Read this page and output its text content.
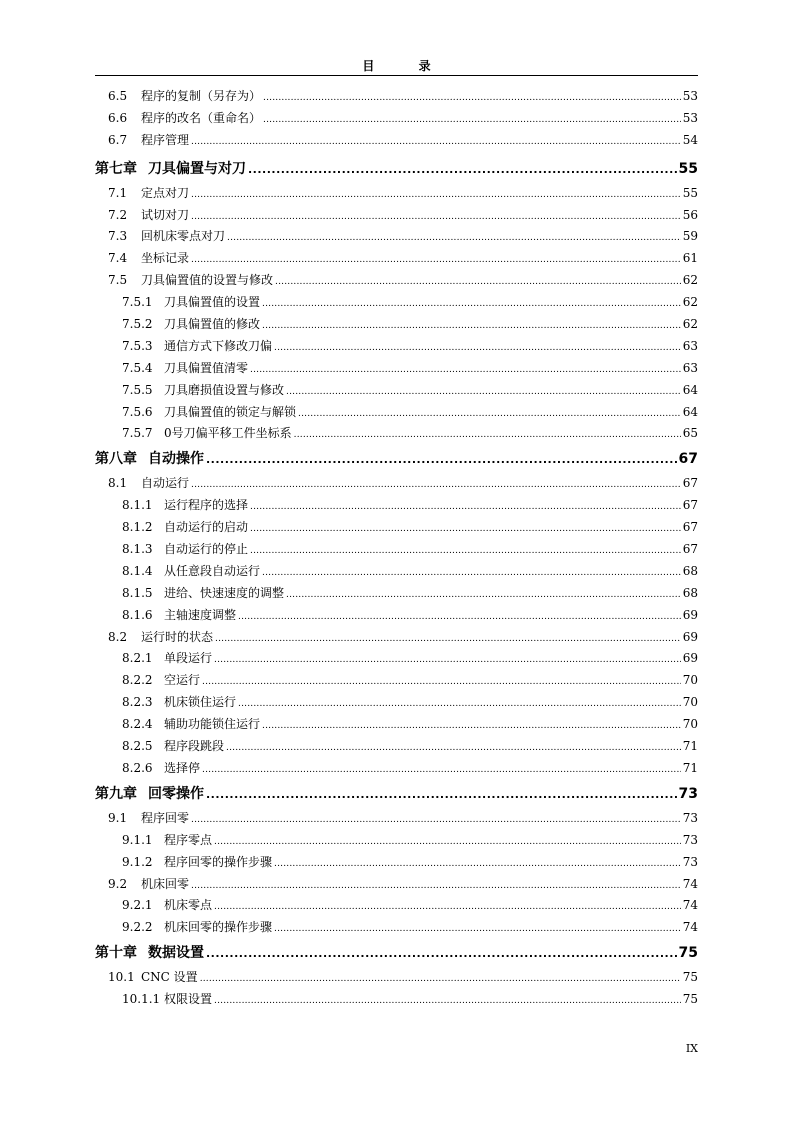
目 录
6.5	程序的复制（另存为） .....	53
6.6	程序的改名（重命名） .....	53
6.7	程序管理 .....	54
第七章 刀具偏置与对刀 .....	55
7.1	定点对刀 .....	55
7.2	试切对刀 .....	56
7.3	回机床零点对刀 .....	59
7.4	坐标记录 .....	61
7.5	刀具偏置值的设置与修改 .....	62
7.5.1 刀具偏置值的设置 .....	62
7.5.2 刀具偏置值的修改 .....	62
7.5.3 通信方式下修改刀偏 .....	63
7.5.4 刀具偏置值清零 .....	63
7.5.5 刀具磨损值设置与修改 .....	64
7.5.6 刀具偏置值的锁定与解锁 .....	64
7.5.7 0号刀偏平移工件坐标系 .....	65
第八章 自动操作 .....	67
8.1	自动运行 .....	67
8.1.1 运行程序的选择 .....	67
8.1.2 自动运行的启动 .....	67
8.1.3 自动运行的停止 .....	67
8.1.4 从任意段自动运行 .....	68
8.1.5 进给、快速速度的调整 .....	68
8.1.6 主轴速度调整 .....	69
8.2	运行时的状态 .....	69
8.2.1 单段运行 .....	69
8.2.2 空运行 .....	70
8.2.3 机床锁住运行 .....	70
8.2.4 辅助功能锁住运行 .....	70
8.2.5 程序段跳段 .....	71
8.2.6 选择停 .....	71
第九章 回零操作 .....	73
9.1	程序回零 .....	73
9.1.1 程序零点 .....	73
9.1.2 程序回零的操作步骤 .....	73
9.2	机床回零 .....	74
9.2.1 机床零点 .....	74
9.2.2 机床回零的操作步骤 .....	74
第十章 数据设置 .....	75
10.1 CNC 设置 .....	75
10.1.1 权限设置 .....	75
IX
